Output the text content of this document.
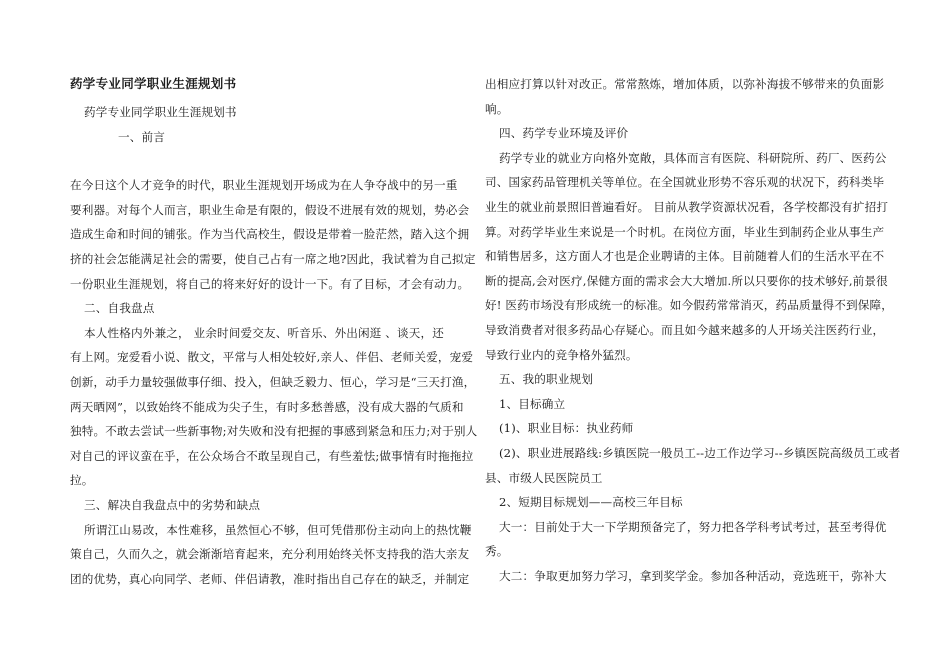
药学专业同学职业生涯规划书

药学专业同学职业生涯规划书

一、前言

在今日这个人才竞争的时代，职业生涯规划开场成为在人争夺战中的另一重

要利器。对每个人而言，职业生命是有限的，假设不进展有效的规划，势必会

造成生命和时间的铺张。作为当代高校生，假设是带着一脸茫然，踏入这个拥

挤的社会怎能满足社会的需要，使自己占有一席之地?因此，我试着为自己拟定

一份职业生涯规划，将自己的将来好好的设计一下。有了目标，才会有动力。

二、自我盘点

本人性格内外兼之， 业余时间爱交友、听音乐、外出闲逛 、谈天，还

有上网。宠爱看小说、散文，平常与人相处较好,亲人、伴侣、老师关爱，宠爱

创新，动手力量较强做事仔细、投入，但缺乏毅力、恒心，学习是“三天打渔，

两天晒网”，以致始终不能成为尖子生，有时多愁善感，没有成大器的气质和

独特。不敢去尝试一些新事物;对失败和没有把握的事感到紧急和压力;对于别人

对自己的评议蛮在乎，在公众场合不敢呈现自己，有些羞怯;做事情有时拖拖拉

拉。

三、解决自我盘点中的劣势和缺点

所谓江山易改，本性难移，虽然恒心不够，但可凭借那份主动向上的热忱鞭

策自己，久而久之，就会渐渐培育起来，充分利用始终关怀支持我的浩大亲友

团的优势，真心向同学、老师、伴侣请教，准时指出自己存在的缺乏，并制定

出相应打算以针对改正。常常熬炼，增加体质，以弥补海拔不够带来的负面影

响。

四、药学专业环境及评价

药学专业的就业方向格外宽敞，具体而言有医院、科研院所、药厂、医药公

司、国家药品管理机关等单位。在全国就业形势不容乐观的状况下，药科类毕

业生的就业前景照旧普遍看好。 目前从教学资源状况看，各学校都没有扩招打

算。对药学毕业生来说是一个时机。在岗位方面，毕业生到制药企业从事生产

和销售居多，这方面人才也是企业聘请的主体。目前随着人们的生活水平在不

断的提高,会对医疗,保健方面的需求会大大增加.所以只要你的技术够好,前景很

好! 医药市场没有形成统一的标准。如今假药常常消灭，药品质量得不到保障，

导致消费者对很多药品心存疑心。而且如今越来越多的人开场关注医药行业，

导致行业内的竞争格外猛烈。

五、我的职业规划

1、目标确立

(1)、职业目标：执业药师

(2)、职业进展路线:乡镇医院一般员工--边工作边学习--乡镇医院高级员工或者

县、市级人民医院员工

2、短期目标规划——高校三年目标

大一：目前处于大一下学期预备完了，努力把各学科考试考过，甚至考得优

秀。

大二：争取更加努力学习，拿到奖学金。参加各种活动，竞选班干，弥补大
